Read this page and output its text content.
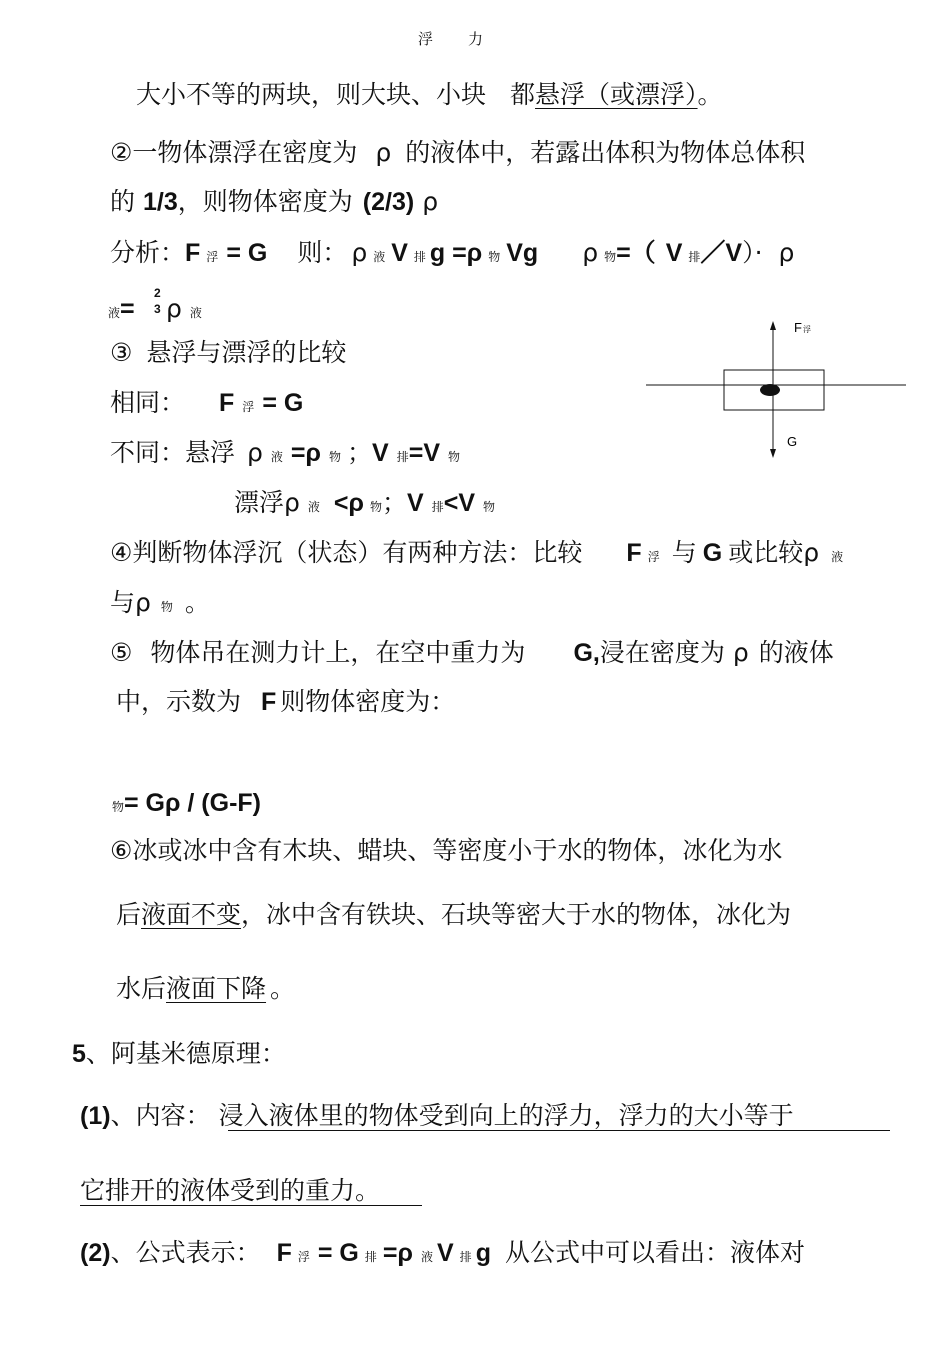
浮 力
大小不等的两块，则大块、小块 都悬浮（或漂浮）。
②一物体漂浮在密度为 ρ 的液体中，若露出体积为物体总体积
的 1/3，则物体密度为 (2/3) ρ
分析：F 浮 = G 则： ρ 液 V 排 g =ρ 物 Vg ρ 物=（ V 排／V）· ρ
液=
2
3 ρ液
③ 悬浮与漂浮的比较
相同： F 浮 = G
不同：悬浮 ρ 液 =ρ 物 ；V 排=V 物
漂浮ρ 液 <ρ 物；V 排<V 物
④判断物体浮沉（状态）有两种方法：比较 F 浮 与 G 或比较ρ 液
与ρ 物 。
⑤ 物体吊在测力计上，在空中重力为 G,浸在密度为 ρ 的液体
中，示数为 F 则物体密度为：
物= Gρ / (G-F)
⑥冰或冰中含有木块、蜡块、等密度小于水的物体，冰化为水
后液面不变，冰中含有铁块、石块等密大于水的物体，冰化为
水后液面下降 。
5、阿基米德原理：
(1)、内容： 浸入液体里的物体受到向上的浮力，浮力的大小等于
它排开的液体受到的重力。
(2)、公式表示： F 浮 = G 排 =ρ 液 V 排 g 从公式中可以看出：液体对
F 浮
G
